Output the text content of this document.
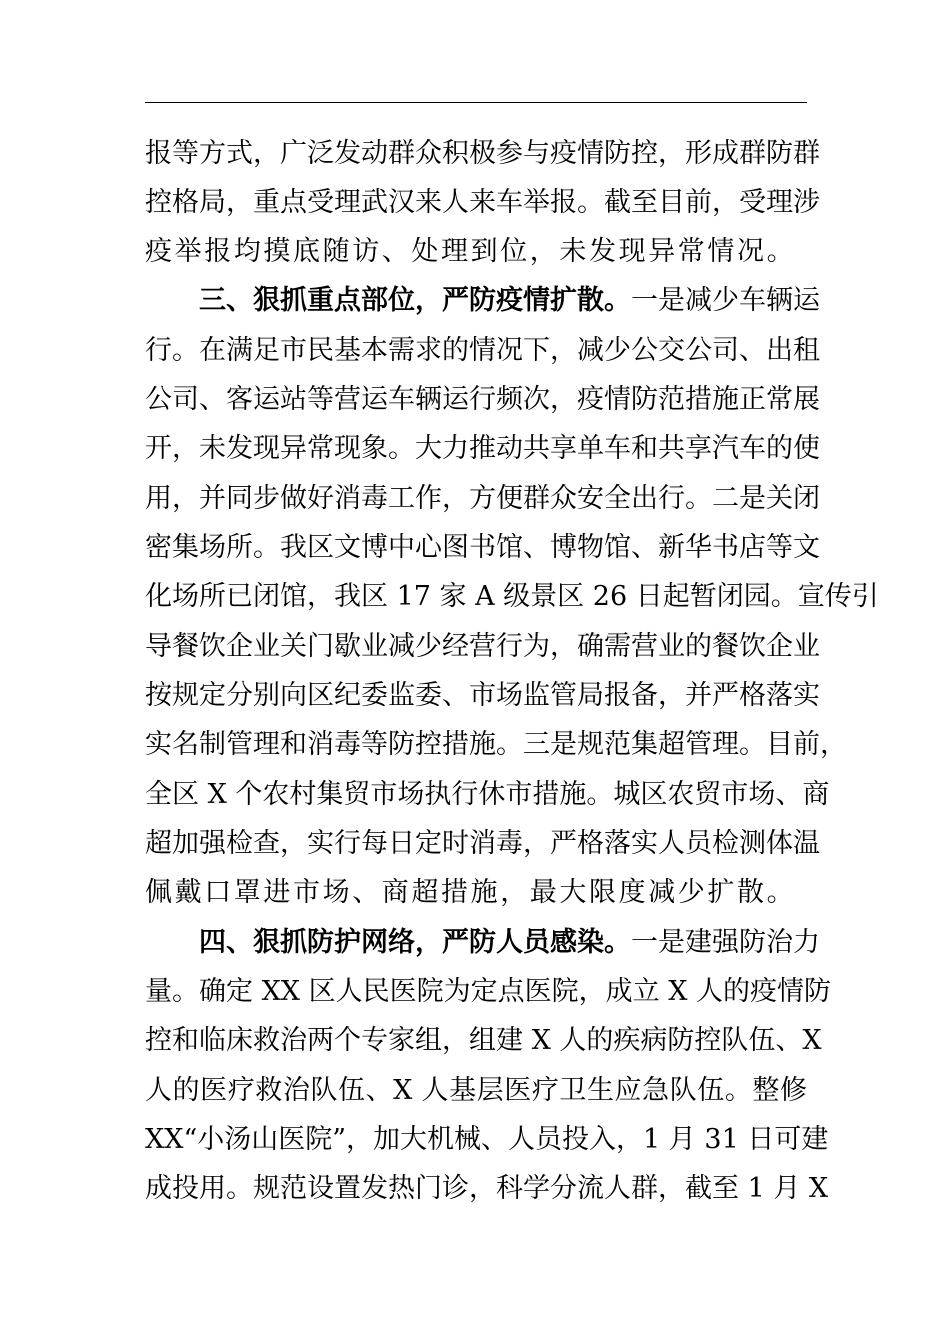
报等方式，广泛发动群众积极参与疫情防控，形成群防群
控格局，重点受理武汉来人来车举报。截至目前，受理涉
疫举报均摸底随访、处理到位，未发现异常情况。
三、狠抓重点部位，严防疫情扩散。一是减少车辆运
行。在满足市民基本需求的情况下，减少公交公司、出租
公司、客运站等营运车辆运行频次，疫情防范措施正常展
开，未发现异常现象。大力推动共享单车和共享汽车的使
用，并同步做好消毒工作，方便群众安全出行。二是关闭
密集场所。我区文博中心图书馆、博物馆、新华书店等文
化场所已闭馆，我区 17 家 A 级景区 26 日起暂闭园。宣传引
导餐饮企业关门歇业减少经营行为，确需营业的餐饮企业
按规定分别向区纪委监委、市场监管局报备，并严格落实
实名制管理和消毒等防控措施。三是规范集超管理。目前，
全区 X 个农村集贸市场执行休市措施。城区农贸市场、商
超加强检查，实行每日定时消毒，严格落实人员检测体温
佩戴口罩进市场、商超措施，最大限度减少扩散。
四、狠抓防护网络，严防人员感染。一是建强防治力
量。确定 XX 区人民医院为定点医院，成立 X 人的疫情防
控和临床救治两个专家组，组建 X 人的疾病防控队伍、X
人的医疗救治队伍、X 人基层医疗卫生应急队伍。整修
XX“小汤山医院”，加大机械、人员投入，1 月 31 日可建
成投用。规范设置发热门诊，科学分流人群，截至 1 月 X
